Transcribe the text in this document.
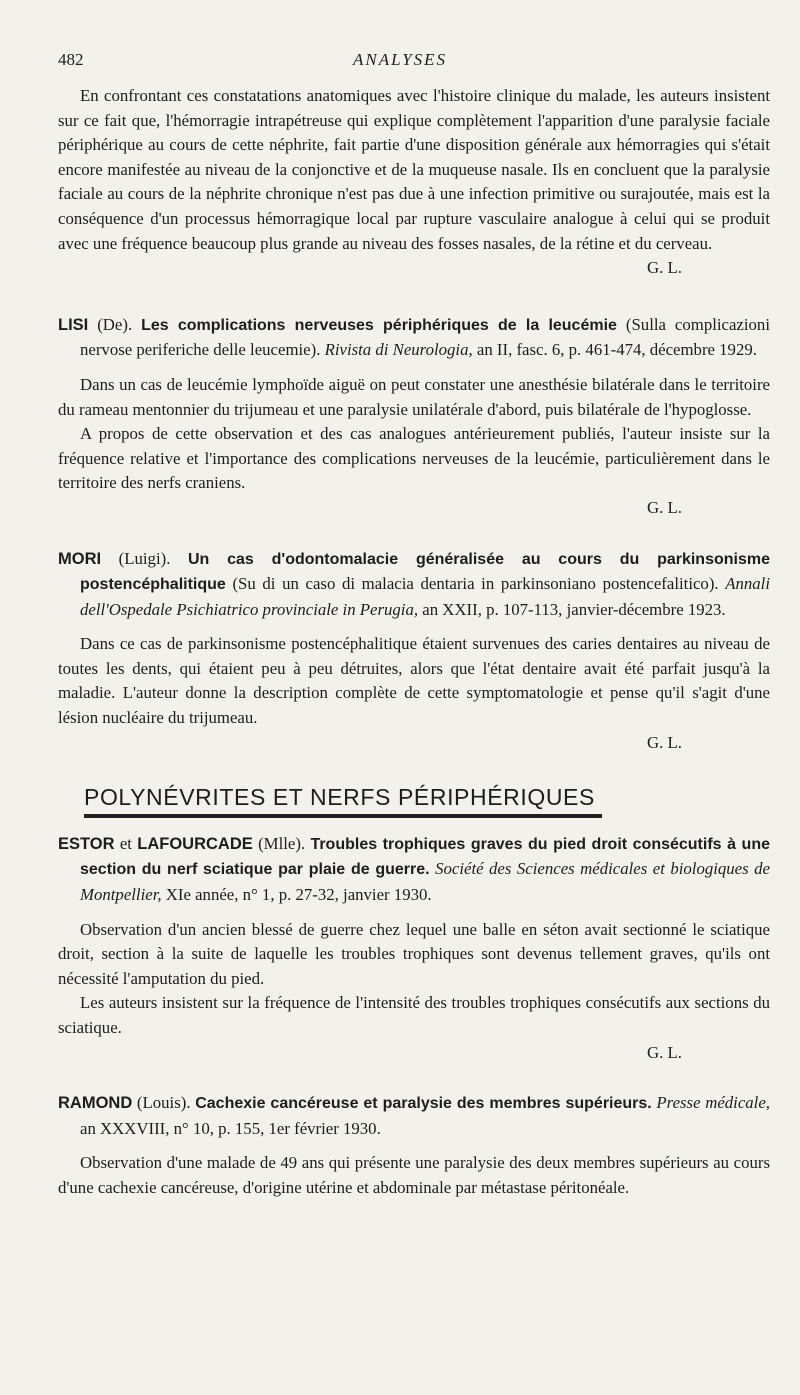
482	ANALYSES

En confrontant ces constatations anatomiques avec l'histoire clinique du malade, les auteurs insistent sur ce fait que, l'hémorragie intrapétreuse qui explique complètement l'apparition d'une paralysie faciale périphérique au cours de cette néphrite, fait partie d'une disposition générale aux hémorragies qui s'était encore manifestée au niveau de la conjonctive et de la muqueuse nasale. Ils en concluent que la paralysie faciale au cours de la néphrite chronique n'est pas due à une infection primitive ou surajoutée, mais est la conséquence d'un processus hémorragique local par rupture vasculaire analogue à celui qui se produit avec une fréquence beaucoup plus grande au niveau des fosses nasales, de la rétine et du cerveau.

G. L.

LISI (De). Les complications nerveuses périphériques de la leucémie (Sulla complicazioni nervose periferiche delle leucemie). Rivista di Neurologia, an II, fasc. 6, p. 461-474, décembre 1929.

Dans un cas de leucémie lymphoïde aiguë on peut constater une anesthésie bilatérale dans le territoire du rameau mentonnier du trijumeau et une paralysie unilatérale d'abord, puis bilatérale de l'hypoglosse.

A propos de cette observation et des cas analogues antérieurement publiés, l'auteur insiste sur la fréquence relative et l'importance des complications nerveuses de la leucémie, particulièrement dans le territoire des nerfs craniens.

G. L.

MORI (Luigi). Un cas d'odontomalacie généralisée au cours du parkinsonisme postencéphalitique (Su di un caso di malacia dentaria in parkinsoniano postencefalitico). Annali dell'Ospedale Psichiatrico provinciale in Perugia, an XXII, p. 107-113, janvier-décembre 1923.

Dans ce cas de parkinsonisme postencéphalitique étaient survenues des caries dentaires au niveau de toutes les dents, qui étaient peu à peu détruites, alors que l'état dentaire avait été parfait jusqu'à la maladie. L'auteur donne la description complète de cette symptomatologie et pense qu'il s'agit d'une lésion nucléaire du trijumeau.

G. L.

POLYNÉVRITES ET NERFS PÉRIPHÉRIQUES

ESTOR et LAFOURCADE (Mlle). Troubles trophiques graves du pied droit consécutifs à une section du nerf sciatique par plaie de guerre. Société des Sciences médicales et biologiques de Montpellier, XIe année, n° 1, p. 27-32, janvier 1930.

Observation d'un ancien blessé de guerre chez lequel une balle en séton avait sectionné le sciatique droit, section à la suite de laquelle les troubles trophiques sont devenus tellement graves, qu'ils ont nécessité l'amputation du pied.

Les auteurs insistent sur la fréquence de l'intensité des troubles trophiques consécutifs aux sections du sciatique.

G. L.

RAMOND (Louis). Cachexie cancéreuse et paralysie des membres supérieurs. Presse médicale, an XXXVIII, n° 10, p. 155, 1er février 1930.

Observation d'une malade de 49 ans qui présente une paralysie des deux membres supérieurs au cours d'une cachexie cancéreuse, d'origine utérine et abdominale par métastase péritonéale.
